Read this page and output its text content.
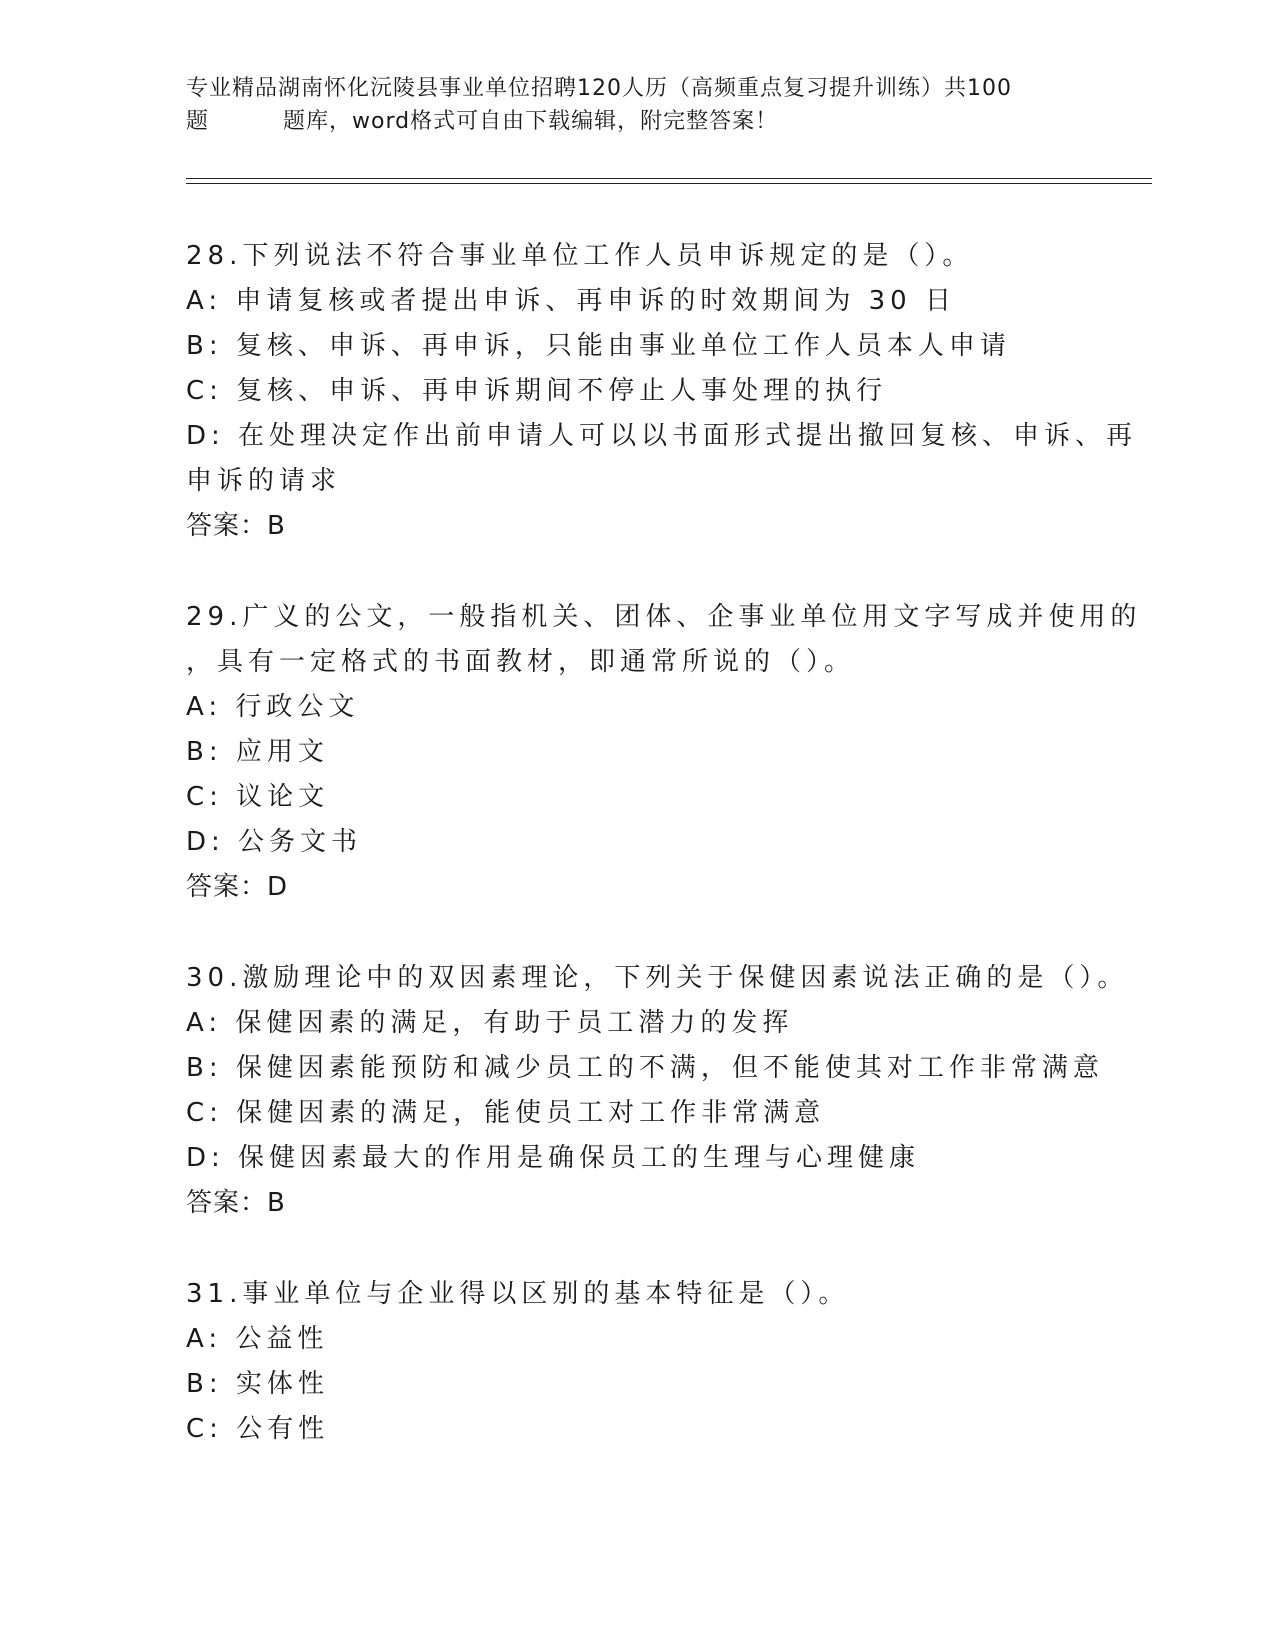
专业精品湖南怀化沅陵县事业单位招聘120人历（高频重点复习提升训练）共100
题	题库，word格式可自由下载编辑，附完整答案！
28.下列说法不符合事业单位工作人员申诉规定的是（）。
A: 申请复核或者提出申诉、再申诉的时效期间为 30 日
B: 复核、申诉、再申诉，只能由事业单位工作人员本人申请
C: 复核、申诉、再申诉期间不停止人事处理的执行
D: 在处理决定作出前申请人可以以书面形式提出撤回复核、申诉、再
申诉的请求
答案：B
29.广义的公文，一般指机关、团体、企事业单位用文字写成并使用的
，具有一定格式的书面教材，即通常所说的（）。
A: 行政公文
B: 应用文
C: 议论文
D: 公务文书
答案：D
30.激励理论中的双因素理论，下列关于保健因素说法正确的是（）。
A: 保健因素的满足，有助于员工潜力的发挥
B: 保健因素能预防和减少员工的不满，但不能使其对工作非常满意
C: 保健因素的满足，能使员工对工作非常满意
D: 保健因素最大的作用是确保员工的生理与心理健康
答案：B
31.事业单位与企业得以区别的基本特征是（）。
A: 公益性
B: 实体性
C: 公有性
